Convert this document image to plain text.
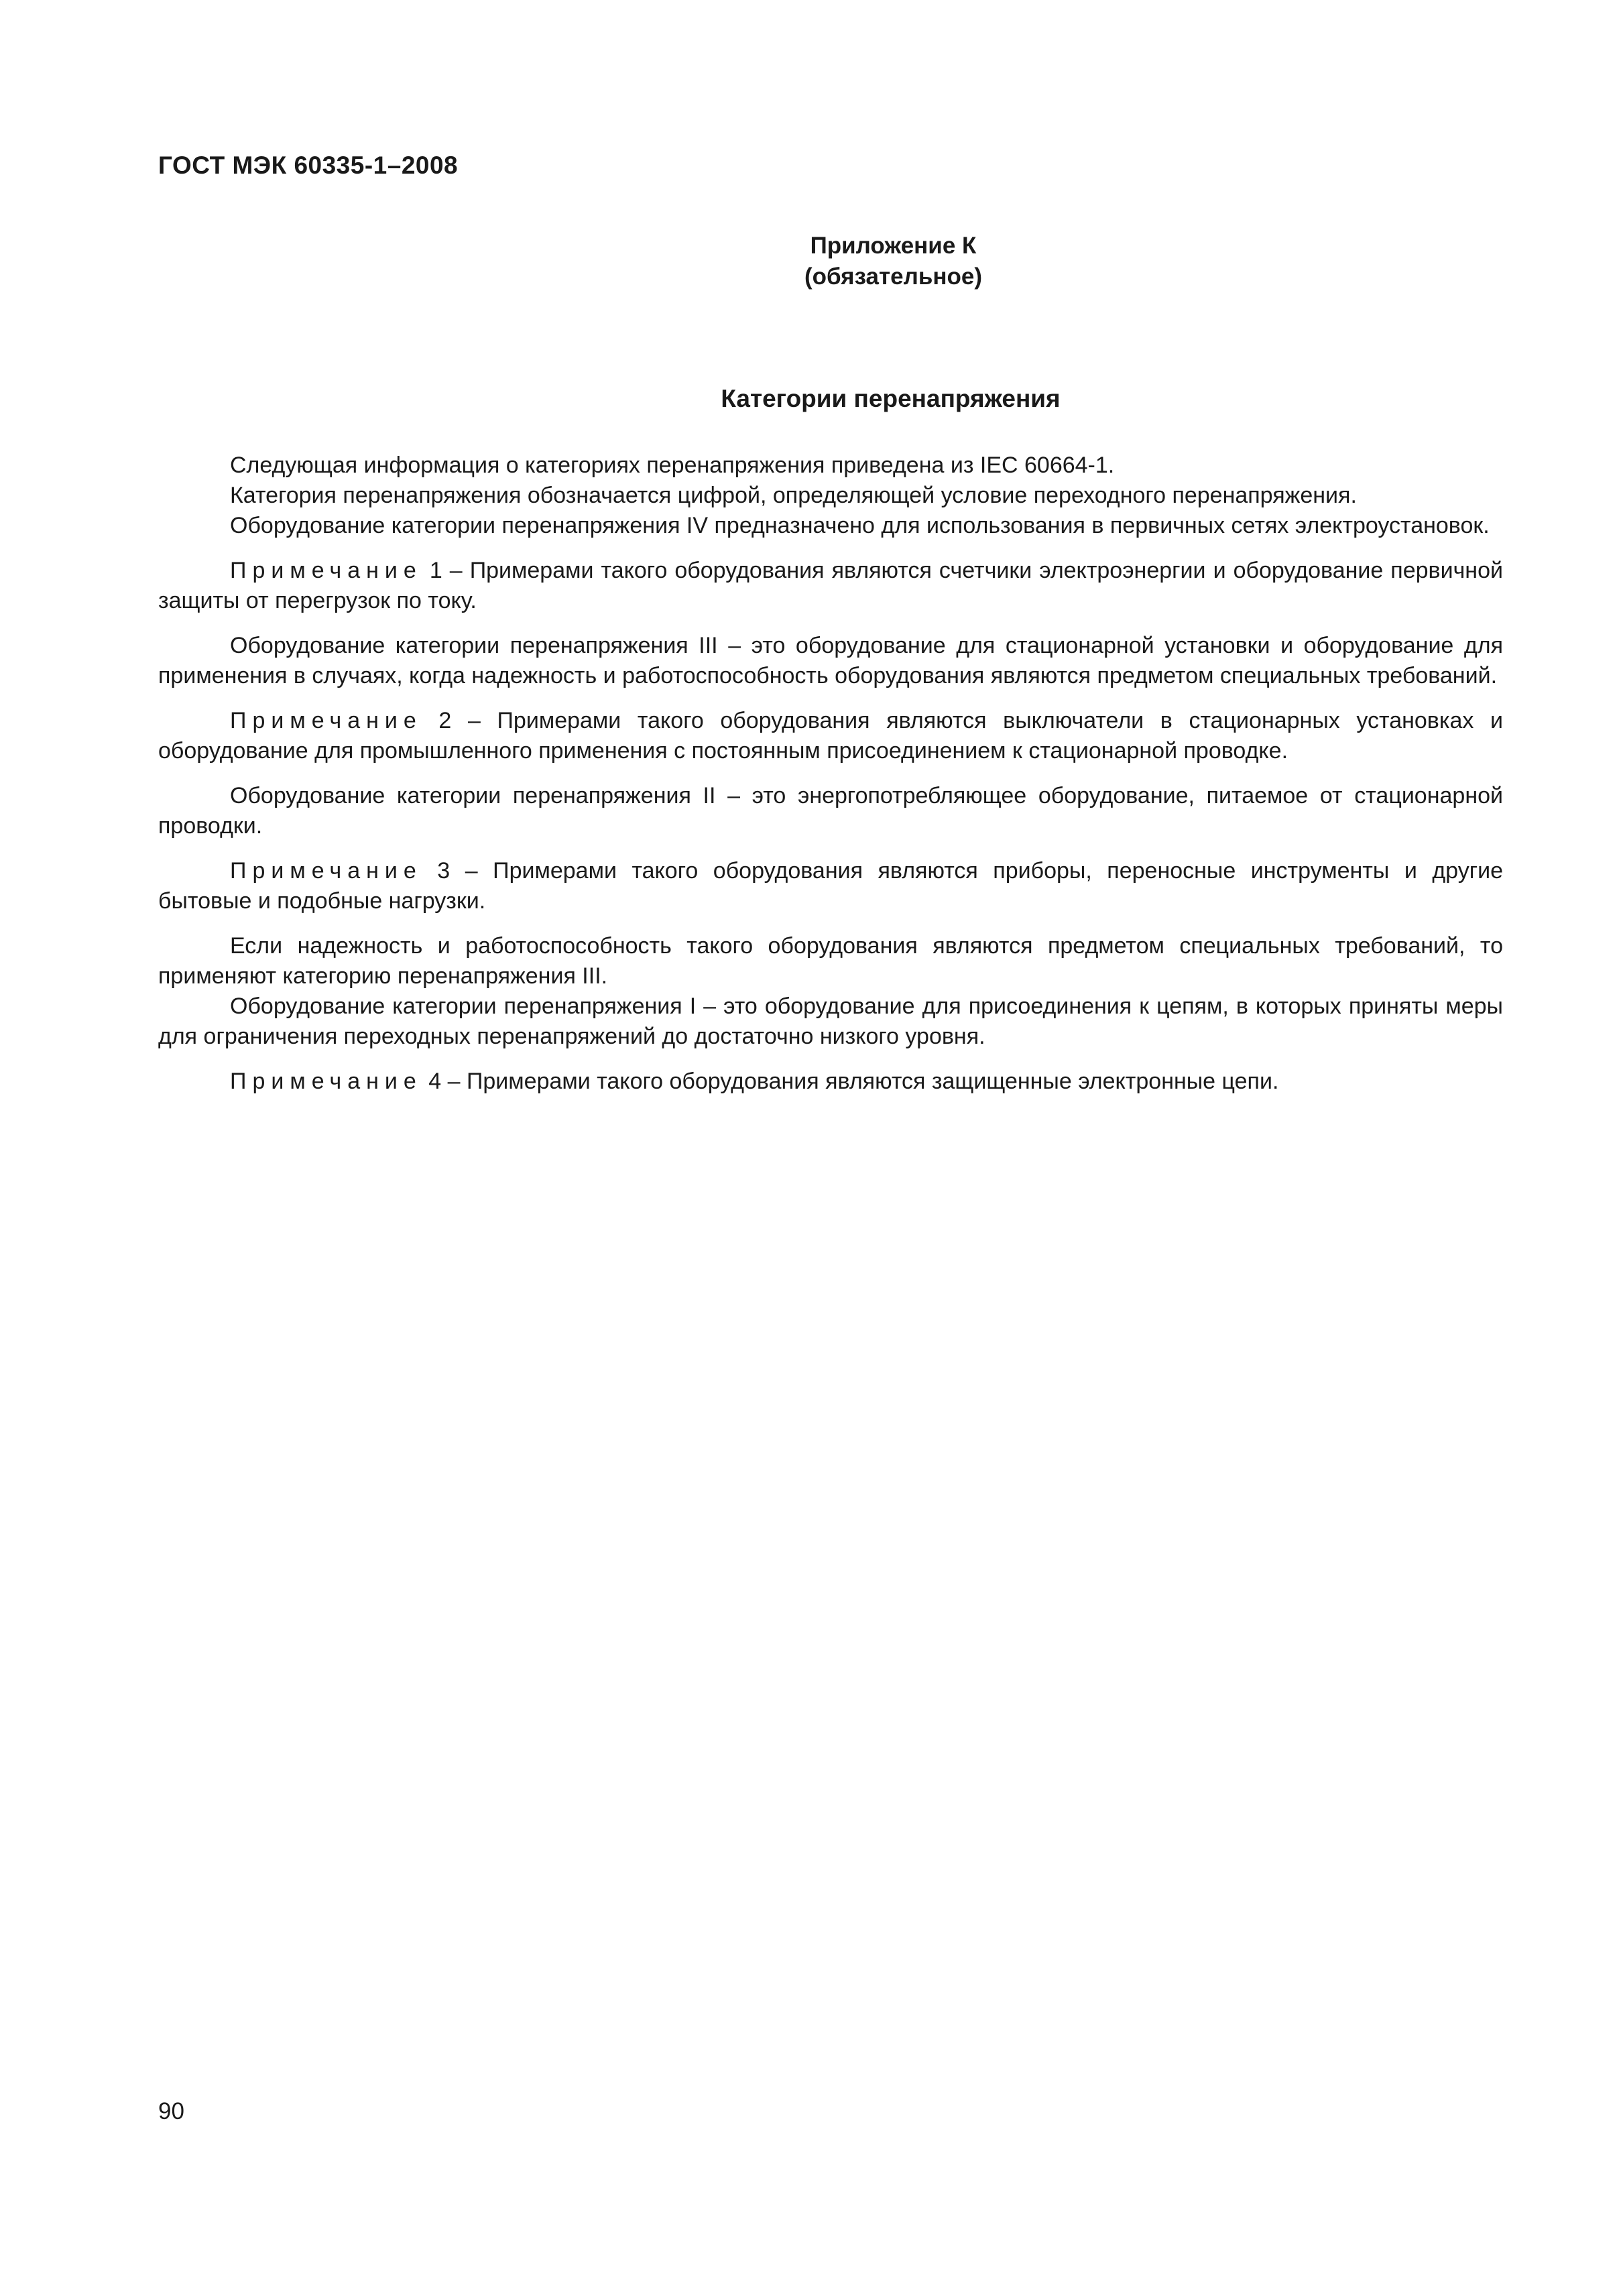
ГОСТ МЭК 60335-1–2008
Приложение К
(обязательное)
Категории перенапряжения

Следующая информация о категориях перенапряжения приведена из IEC 60664-1.

Категория перенапряжения обозначается цифрой, определяющей условие переходного перенапряжения.

Оборудование категории перенапряжения IV предназначено для использования в первичных сетях электроустановок.

Примечание 1 – Примерами такого оборудования являются счетчики электроэнергии и оборудование первичной защиты от перегрузок по току.

Оборудование категории перенапряжения III – это оборудование для стационарной установки и оборудование для применения в случаях, когда надежность и работоспособность оборудования являются предметом специальных требований.

Примечание 2 – Примерами такого оборудования являются выключатели в стационарных установках и оборудование для промышленного применения с постоянным присоединением к стационарной проводке.

Оборудование категории перенапряжения II – это энергопотребляющее оборудование, питаемое от стационарной проводки.

Примечание 3 – Примерами такого оборудования являются приборы, переносные инструменты и другие бытовые и подобные нагрузки.

Если надежность и работоспособность такого оборудования являются предметом специальных требований, то применяют категорию перенапряжения III.

Оборудование категории перенапряжения I – это оборудование для присоединения к цепям, в которых приняты меры для ограничения переходных перенапряжений до достаточно низкого уровня.

Примечание 4 – Примерами такого оборудования являются защищенные электронные цепи.

90
